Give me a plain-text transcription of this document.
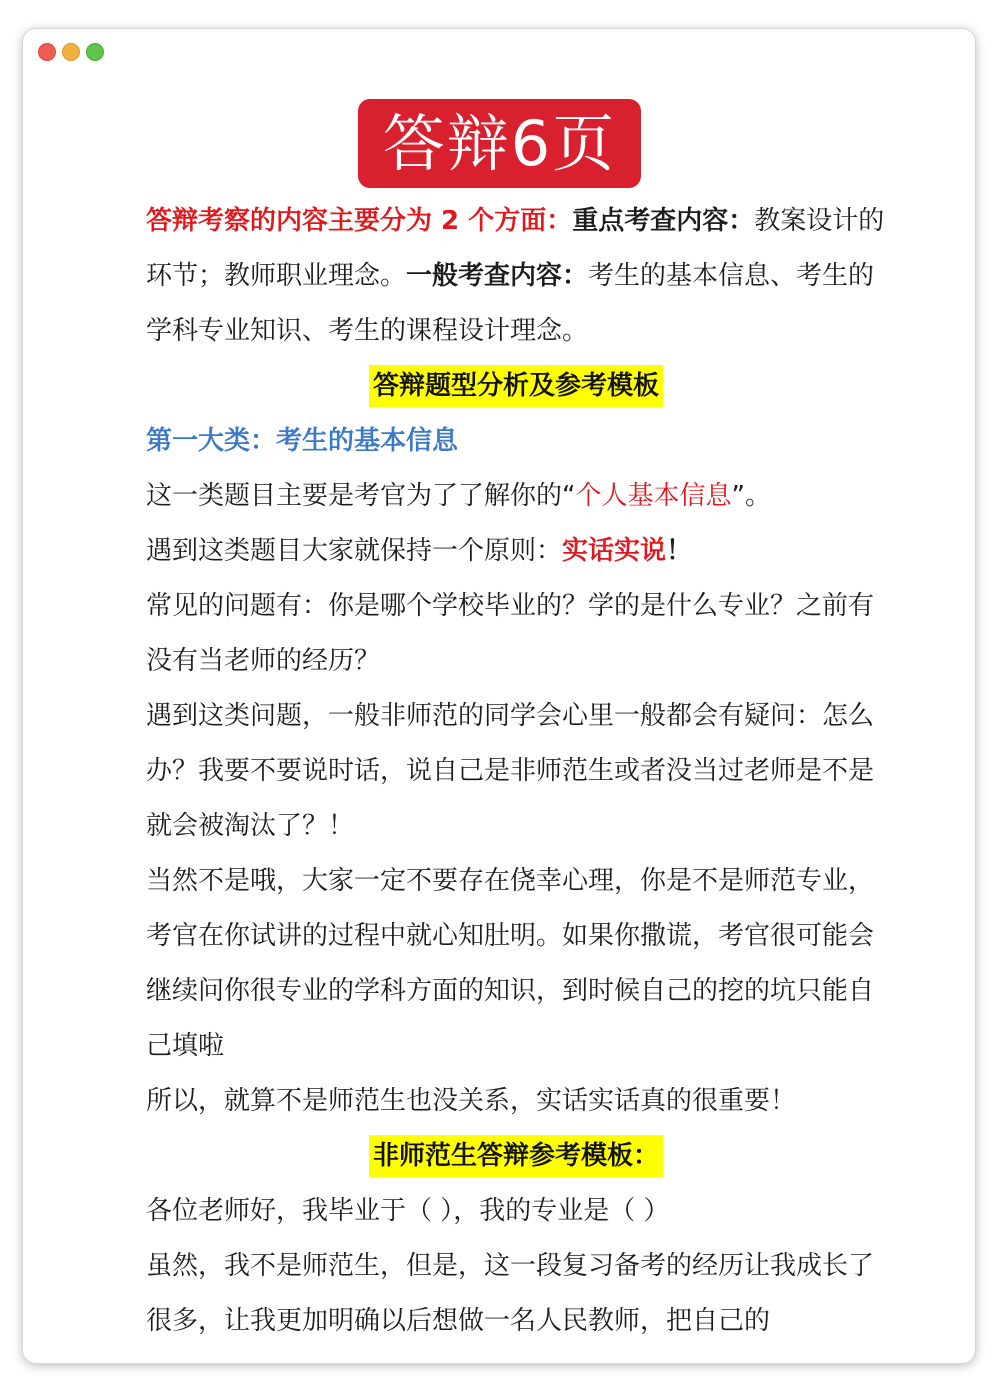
答辩6页

答辩考察的内容主要分为 2 个方面：重点考查内容：教案设计的环节；教师职业理念。一般考查内容：考生的基本信息、考生的学科专业知识、考生的课程设计理念。

答辩题型分析及参考模板

第一大类：考生的基本信息

这一类题目主要是考官为了了解你的“个人基本信息”。

遇到这类题目大家就保持一个原则：实话实说！

常见的问题有：你是哪个学校毕业的？学的是什么专业？之前有没有当老师的经历？

遇到这类问题，一般非师范的同学会心里一般都会有疑问：怎么办？我要不要说时话，说自己是非师范生或者没当过老师是不是就会被淘汰了？！

当然不是哦，大家一定不要存在侥幸心理，你是不是师范专业，考官在你试讲的过程中就心知肚明。如果你撒谎，考官很可能会继续问你很专业的学科方面的知识，到时候自己的挖的坑只能自己填啦

所以，就算不是师范生也没关系，实话实话真的很重要！

非师范生答辩参考模板：

各位老师好，我毕业于（ ），我的专业是（ ）

虽然，我不是师范生，但是，这一段复习备考的经历让我成长了很多，让我更加明确以后想做一名人民教师，把自己的
